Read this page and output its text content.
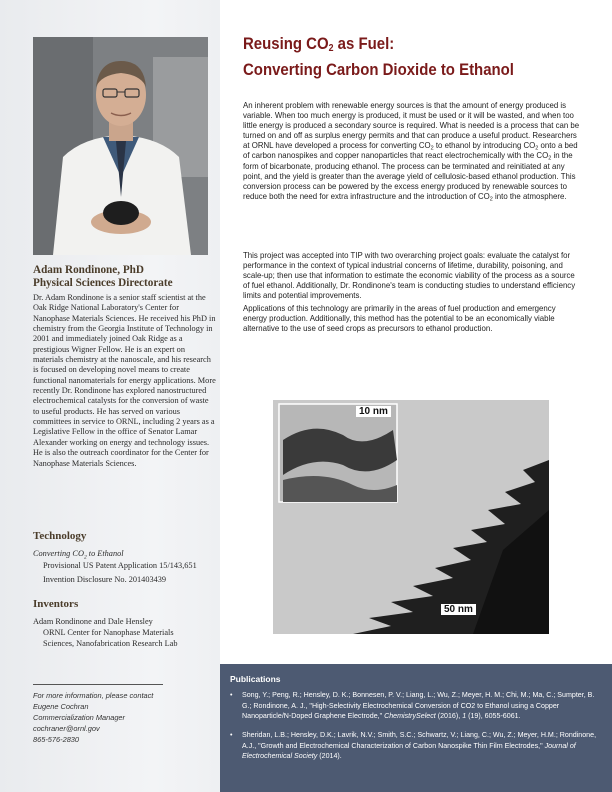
Adam Rondinone, PhD
Physical Sciences Directorate
Dr. Adam Rondinone is a senior staff scientist at the Oak Ridge National Laboratory's Center for Nanophase Materials Sciences. He received his PhD in chemistry from the Georgia Institute of Technology in 2001 and immediately joined Oak Ridge as a prestigious Wigner Fellow. He is an expert on materials chemistry at the nanoscale, and his research is focused on developing novel means to create functional nanomaterials for energy applications. More recently Dr. Rondinone has explored nanostructured electrochemical catalysts for the conversion of waste to useful products. He has served on various committees in service to ORNL, including 2 years as a Legislative Fellow in the office of Senator Lamar Alexander working on energy and technology issues. He is also the outreach coordinator for the Center for Nanophase Materials Sciences.
Technology
Converting $CO_2$ to Ethanol
Provisional US Patent Application 15/143,651
Invention Disclosure No. 201403439
Inventors
Adam Rondinone and Dale Hensley
ORNL Center for Nanophase Materials
Sciences, Nanofabrication Research Lab
For more information, please contact
Eugene Cochran
Commercialization Manager
cochraner@ornl.gov
865-576-2830
Reusing $CO_2$ as Fuel:
Converting Carbon Dioxide to Ethanol
An inherent problem with renewable energy sources is that the amount of energy produced is variable. When too much energy is produced, it must be used or it will be wasted, and when too little energy is produced a secondary source is required. What is needed is a process that can be turned on and off as surplus energy permits and that can produce a useful product. Researchers at ORNL have developed a process for converting $CO_2$ to ethanol by introducing $CO_2$ onto a bed of carbon nanospikes and copper nanoparticles that react electrochemically with the $CO_2$ in the form of bicarbonate, producing ethanol. The process can be terminated and reinitiated at any point, and the yield is greater than the average yield of cellulosic-based ethanol production. This conversion process can be powered by the excess energy produced by renewable sources to reduce both the need for extra infrastructure and the introduction of $CO_2$ into the atmosphere.
This project was accepted into TIP with two overarching project goals: evaluate the catalyst for performance in the context of typical industrial concerns of lifetime, durability, poisoning, and scale-up; then use that information to estimate the economic viability of the process as a source of fuel ethanol. Additionally, Dr. Rondinone's team is conducting studies to understand efficiency limits and potential improvements.
Applications of this technology are primarily in the areas of fuel production and emergency energy production. Additionally, this method has the potential to be an economically viable alternative to the use of seed crops as precursors to ethanol production.
10 nm
50 nm
Publications
• Song, Y.; Peng, R.; Hensley, D. K.; Bonnesen, P. V.; Liang, L.; Wu, Z.; Meyer, H. M.; Chi, M.; Ma, C.; Sumpter, B. G.; Rondinone, A. J., "High-Selectivity Electrochemical Conversion of CO2 to Ethanol using a Copper Nanoparticle/N-Doped Graphene Electrode," ChemistrySelect (2016), 1 (19), 6055-6061.
• Sheridan, L.B.; Hensley, D.K.; Lavrik, N.V.; Smith, S.C.; Schwartz, V.; Liang, C.; Wu, Z.; Meyer, H.M.; Rondinone, A.J., "Growth and Electrochemical Characterization of Carbon Nanospike Thin Film Electrodes," Journal of Electrochemical Society (2014).
